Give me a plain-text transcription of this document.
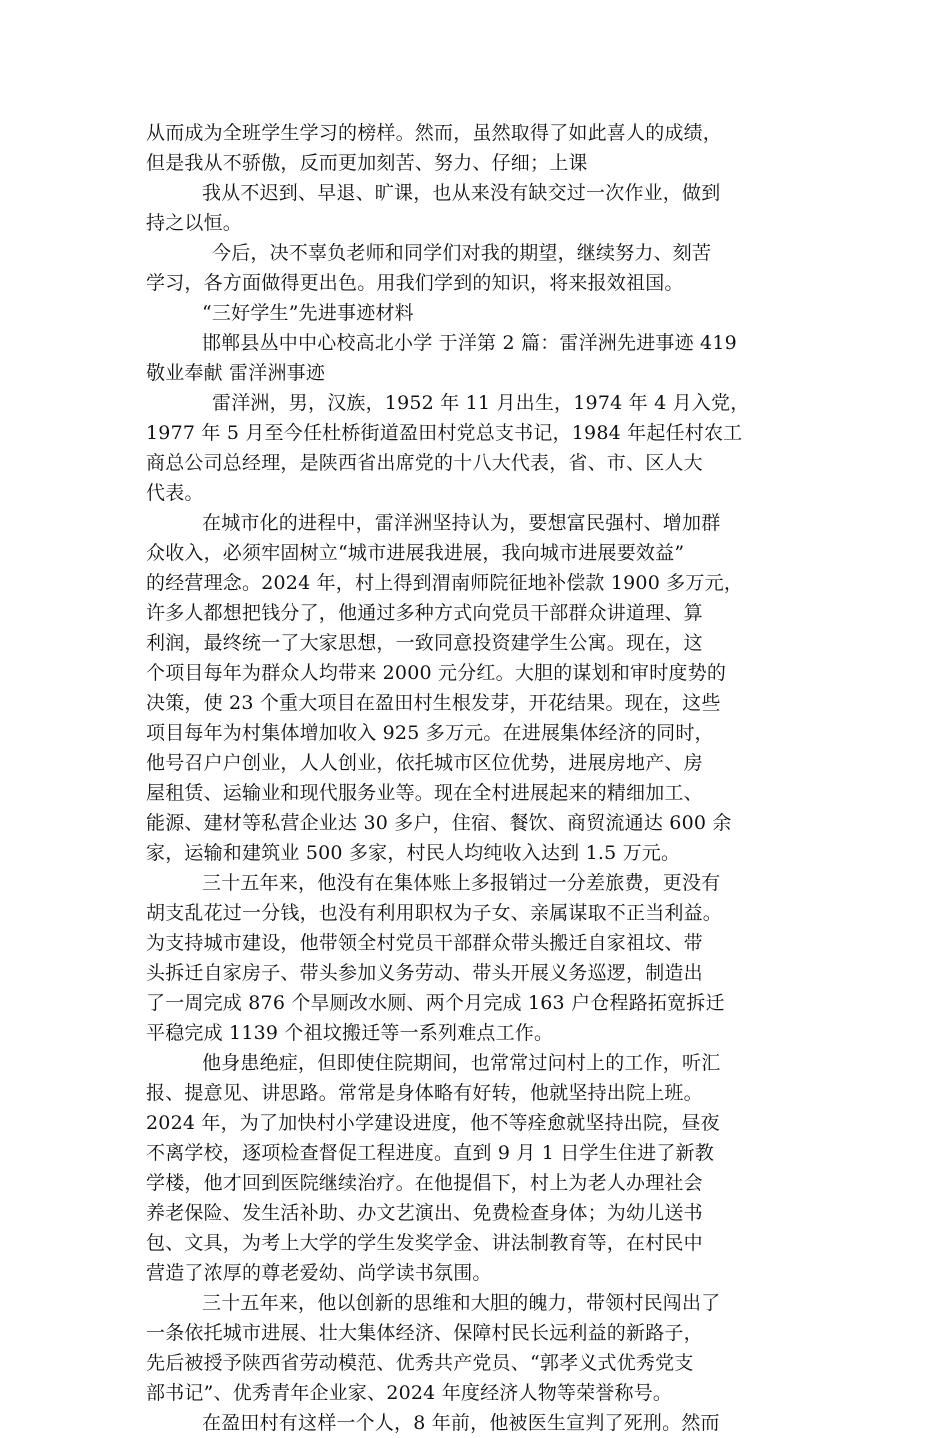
从而成为全班学生学习的榜样。然而，虽然取得了如此喜人的成绩，
但是我从不骄傲，反而更加刻苦、努力、仔细；上课
我从不迟到、早退、旷课，也从来没有缺交过一次作业，做到
持之以恒。
今后，决不辜负老师和同学们对我的期望，继续努力、刻苦
学习，各方面做得更出色。用我们学到的知识，将来报效祖国。
“三好学生”先进事迹材料
邯郸县丛中中心校高北小学 于洋第 2 篇：雷洋洲先进事迹 419
敬业奉献 雷洋洲事迹
雷洋洲，男，汉族，1952 年 11 月出生，1974 年 4 月入党，
1977 年 5 月至今任杜桥街道盈田村党总支书记，1984 年起任村农工
商总公司总经理，是陕西省出席党的十八大代表，省、市、区人大
代表。
在城市化的进程中，雷洋洲坚持认为，要想富民强村、增加群
众收入，必须牢固树立“城市进展我进展，我向城市进展要效益”
的经营理念。2024 年，村上得到渭南师院征地补偿款 1900 多万元，
许多人都想把钱分了，他通过多种方式向党员干部群众讲道理、算
利润，最终统一了大家思想，一致同意投资建学生公寓。现在，这
个项目每年为群众人均带来 2000 元分红。大胆的谋划和审时度势的
决策，使 23 个重大项目在盈田村生根发芽，开花结果。现在，这些
项目每年为村集体增加收入 925 多万元。在进展集体经济的同时，
他号召户户创业，人人创业，依托城市区位优势，进展房地产、房
屋租赁、运输业和现代服务业等。现在全村进展起来的精细加工、
能源、建材等私营企业达 30 多户，住宿、餐饮、商贸流通达 600 余
家，运输和建筑业 500 多家，村民人均纯收入达到 1.5 万元。
三十五年来，他没有在集体账上多报销过一分差旅费，更没有
胡支乱花过一分钱，也没有利用职权为子女、亲属谋取不正当利益。
为支持城市建设，他带领全村党员干部群众带头搬迁自家祖坟、带
头拆迁自家房子、带头参加义务劳动、带头开展义务巡逻，制造出
了一周完成 876 个旱厕改水厕、两个月完成 163 户仓程路拓宽拆迁
平稳完成 1139 个祖坟搬迁等一系列难点工作。
他身患绝症，但即使住院期间，也常常过问村上的工作，听汇
报、提意见、讲思路。常常是身体略有好转，他就坚持出院上班。
2024 年，为了加快村小学建设进度，他不等痊愈就坚持出院，昼夜
不离学校，逐项检查督促工程进度。直到 9 月 1 日学生住进了新教
学楼，他才回到医院继续治疗。在他提倡下，村上为老人办理社会
养老保险、发生活补助、办文艺演出、免费检查身体；为幼儿送书
包、文具，为考上大学的学生发奖学金、讲法制教育等，在村民中
营造了浓厚的尊老爱幼、尚学读书氛围。
三十五年来，他以创新的思维和大胆的魄力，带领村民闯出了
一条依托城市进展、壮大集体经济、保障村民长远利益的新路子，
先后被授予陕西省劳动模范、优秀共产党员、“郭孝义式优秀党支
部书记”、优秀青年企业家、2024 年度经济人物等荣誉称号。
在盈田村有这样一个人，8 年前，他被医生宣判了死刑。然而
